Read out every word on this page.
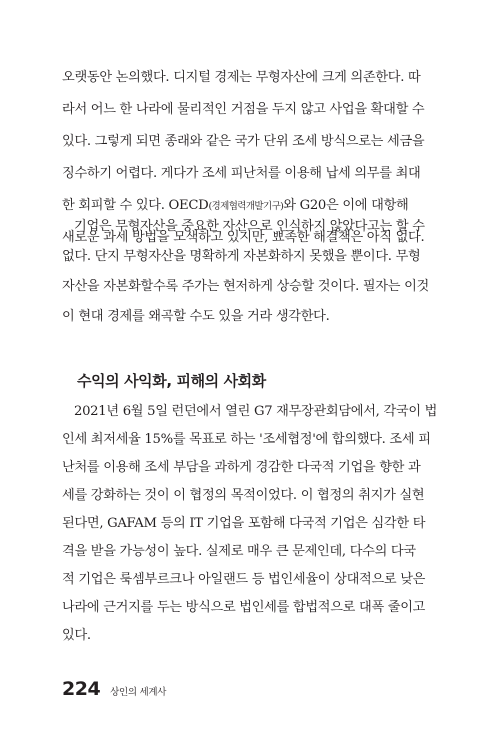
오랫동안 논의했다. 디지털 경제는 무형자산에 크게 의존한다. 따
라서 어느 한 나라에 물리적인 거점을 두지 않고 사업을 확대할 수
있다. 그렇게 되면 종래와 같은 국가 단위 조세 방식으로는 세금을
징수하기 어렵다. 게다가 조세 피난처를 이용해 납세 의무를 최대
한 회피할 수 있다. OECD(경제협력개발기구)와 G20은 이에 대항해
새로운 과세 방법을 모색하고 있지만, 뾰족한 해결책은 아직 없다.
기업은 무형자산을 중요한 자산으로 인식하지 않았다고는 할 수
없다. 단지 무형자산을 명확하게 자본화하지 못했을 뿐이다. 무형
자산을 자본화할수록 주가는 현저하게 상승할 것이다. 필자는 이것
이 현대 경제를 왜곡할 수도 있을 거라 생각한다.
수익의 사익화, 피해의 사회화
2021년 6월 5일 런던에서 열린 G7 재무장관회담에서, 각국이 법
인세 최저세율 15%를 목표로 하는 '조세협정'에 합의했다. 조세 피
난처를 이용해 조세 부담을 과하게 경감한 다국적 기업을 향한 과
세를 강화하는 것이 이 협정의 목적이었다. 이 협정의 취지가 실현
된다면, GAFAM 등의 IT 기업을 포함해 다국적 기업은 심각한 타
격을 받을 가능성이 높다. 실제로 매우 큰 문제인데, 다수의 다국
적 기업은 룩셈부르크나 아일랜드 등 법인세율이 상대적으로 낮은
나라에 근거지를 두는 방식으로 법인세를 합법적으로 대폭 줄이고
있다.
224 상인의 세계사
